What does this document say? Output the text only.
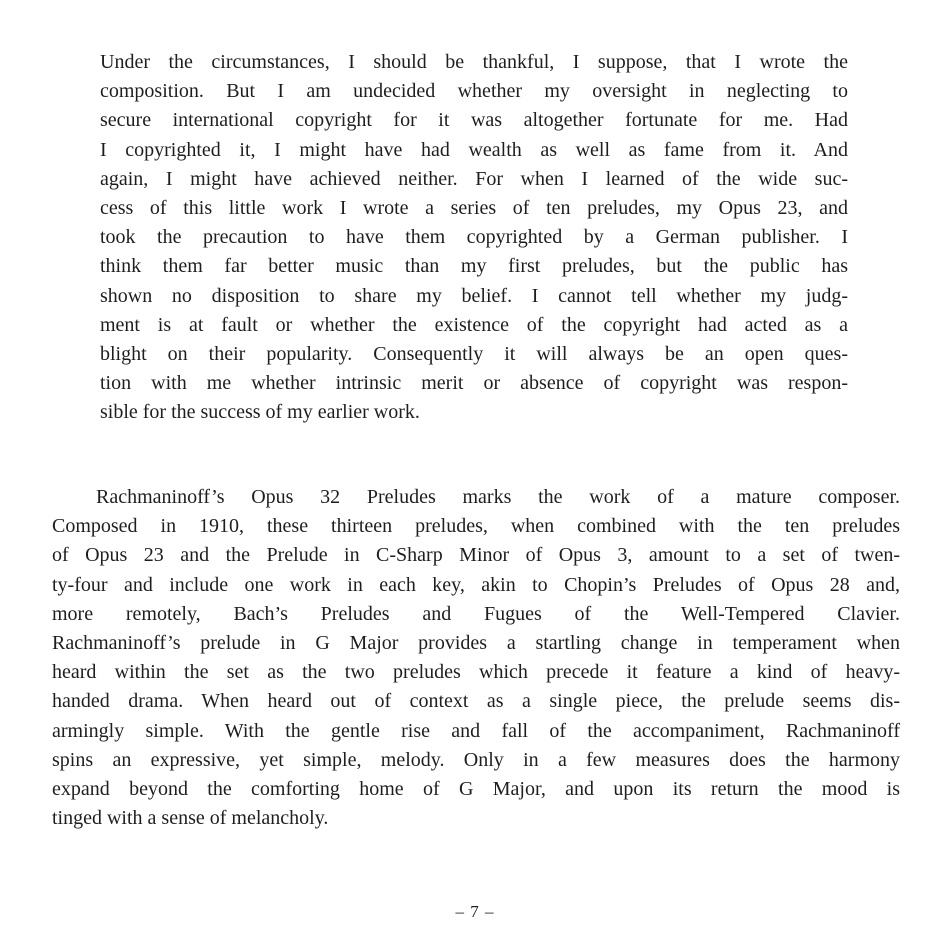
Under the circumstances, I should be thankful, I suppose, that I wrote the
composition. But I am undecided whether my oversight in neglecting to
secure international copyright for it was altogether fortunate for me. Had
I copyrighted it, I might have had wealth as well as fame from it. And
again, I might have achieved neither. For when I learned of the wide suc-
cess of this little work I wrote a series of ten preludes, my Opus 23, and
took the precaution to have them copyrighted by a German publisher. I
think them far better music than my first preludes, but the public has
shown no disposition to share my belief. I cannot tell whether my judg-
ment is at fault or whether the existence of the copyright had acted as a
blight on their popularity. Consequently it will always be an open ques-
tion with me whether intrinsic merit or absence of copyright was respon-
sible for the success of my earlier work.
Rachmaninoff’s Opus 32 Preludes marks the work of a mature composer.
Composed in 1910, these thirteen preludes, when combined with the ten preludes
of Opus 23 and the Prelude in C-Sharp Minor of Opus 3, amount to a set of twen-
ty-four and include one work in each key, akin to Chopin’s Preludes of Opus 28 and,
more remotely, Bach’s Preludes and Fugues of the Well-Tempered Clavier.
Rachmaninoff’s prelude in G Major provides a startling change in temperament when
heard within the set as the two preludes which precede it feature a kind of heavy-
handed drama. When heard out of context as a single piece, the prelude seems dis-
armingly simple. With the gentle rise and fall of the accompaniment, Rachmaninoff
spins an expressive, yet simple, melody. Only in a few measures does the harmony
expand beyond the comforting home of G Major, and upon its return the mood is
tinged with a sense of melancholy.
– 7 –
